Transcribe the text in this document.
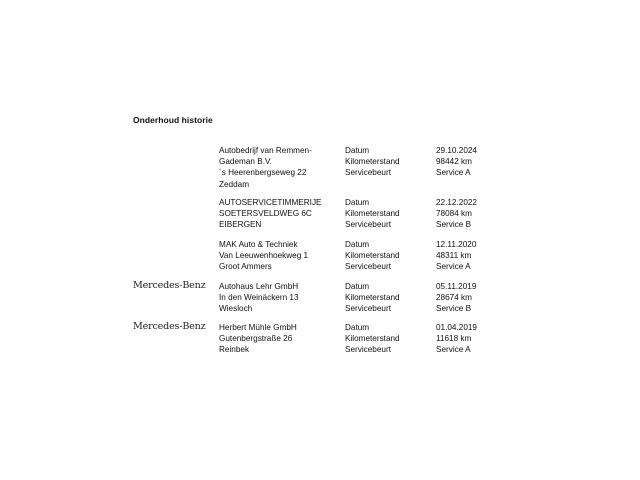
Onderhoud historie
Autobedrijf van Remmen-
Gademan B.V.
´s Heerenbergseweg 22
Zeddam
Datum
Kilometerstand
Servicebeurt
29.10.2024
98442 km
Service A
AUTOSERVICETIMMERIJE
SOETERSVELDWEG 6C
EIBERGEN
Datum
Kilometerstand
Servicebeurt
22.12.2022
78084 km
Service B
MAK Auto & Techniek
Van Leeuwenhoekweg 1
Groot Ammers
Datum
Kilometerstand
Servicebeurt
12.11.2020
48311 km
Service A
Mercedes-Benz Autohaus Lehr GmbH
In den Weinäckern 13
Wiesloch
Datum
Kilometerstand
Servicebeurt
05.11.2019
28674 km
Service B
Mercedes-Benz Herbert Mühle GmbH
Gutenbergstraße 26
Reinbek
Datum
Kilometerstand
Servicebeurt
01.04.2019
11618 km
Service A
